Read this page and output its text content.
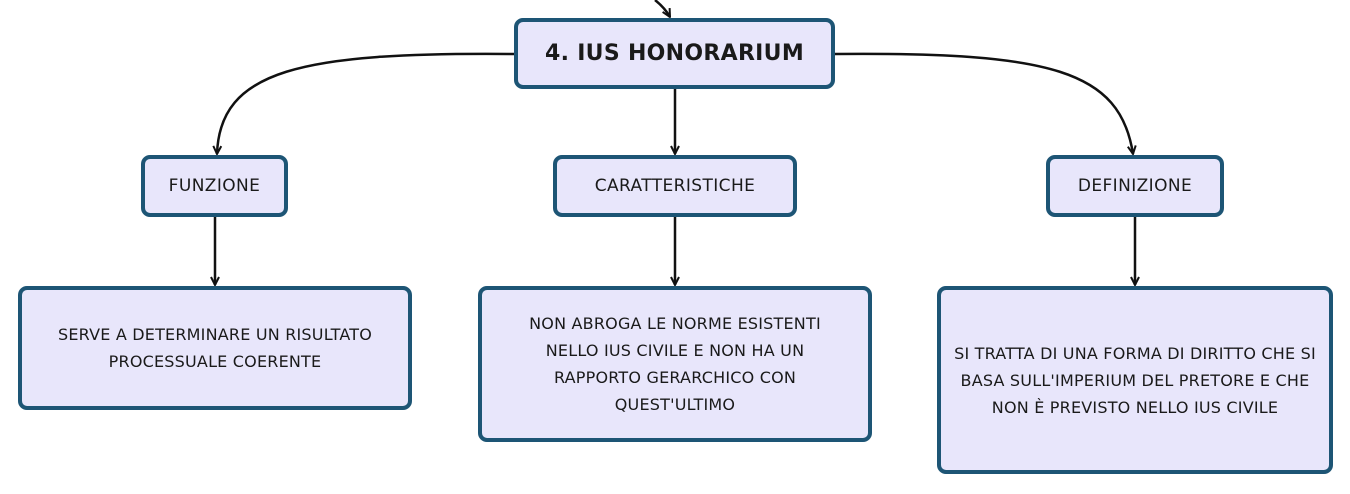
4. IUS HONORARIUM
FUNZIONE	CARATTERISTICHE	DEFINIZIONE
SERVE A DETERMINARE UN RISULTATO PROCESSUALE COERENTE
NON ABROGA LE NORME ESISTENTI NELLO IUS CIVILE E NON HA UN RAPPORTO GERARCHICO CON QUEST'ULTIMO
SI TRATTA DI UNA FORMA DI DIRITTO CHE SI BASA SULL'IMPERIUM DEL PRETORE E CHE NON È PREVISTO NELLO IUS CIVILE
